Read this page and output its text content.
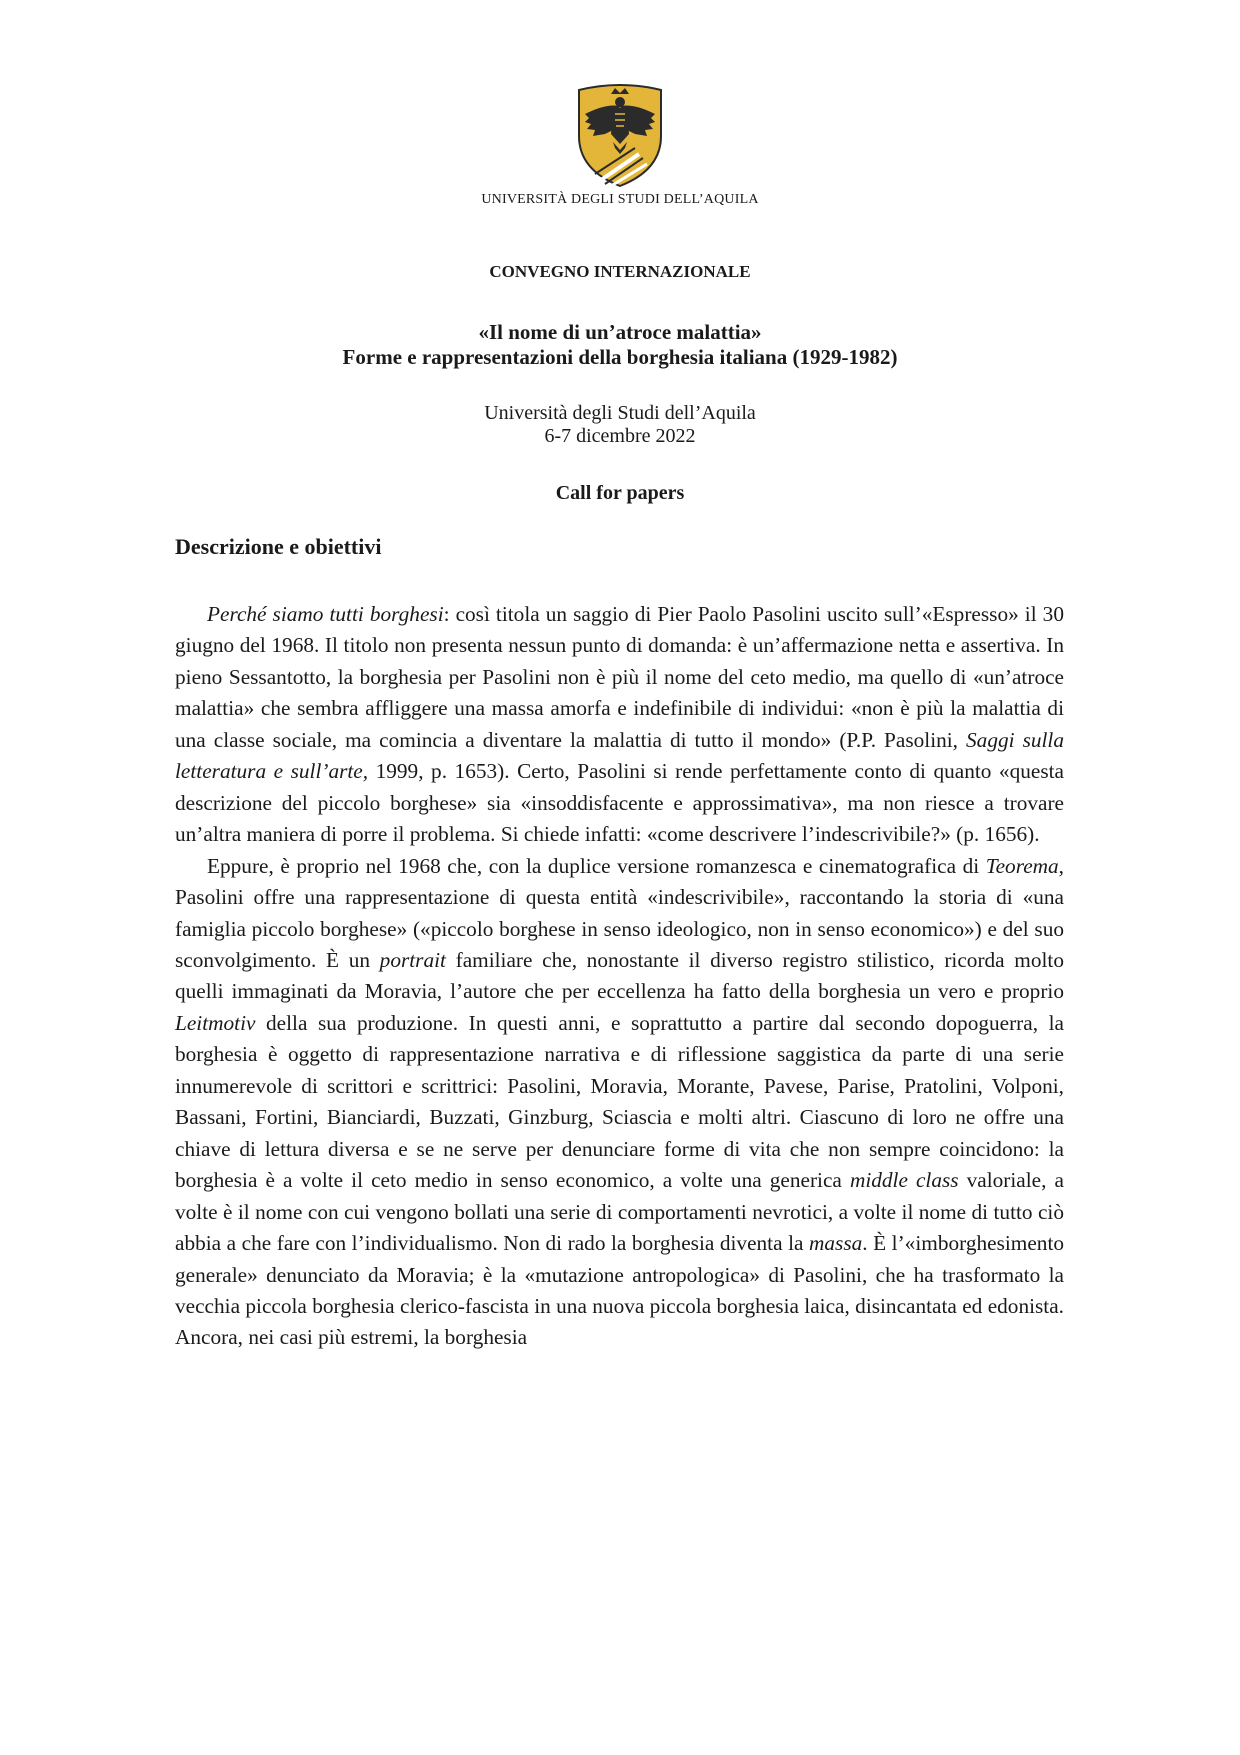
UNIVERSITÀ DEGLI STUDI DELL’AQUILA
CONVEGNO INTERNAZIONALE
«Il nome di un’atroce malattia»
Forme e rappresentazioni della borghesia italiana (1929-1982)
Università degli Studi dell’Aquila
6-7 dicembre 2022
Call for papers
Descrizione e obiettivi

Perché siamo tutti borghesi: così titola un saggio di Pier Paolo Pasolini uscito sull’«Espresso» il 30 giugno del 1968. Il titolo non presenta nessun punto di domanda: è un’affermazione netta e assertiva. In pieno Sessantotto, la borghesia per Pasolini non è più il nome del ceto medio, ma quello di «un’atroce malattia» che sembra affliggere una massa amorfa e indefinibile di individui: «non è più la malattia di una classe sociale, ma comincia a diventare la malattia di tutto il mondo» (P.P. Pasolini, Saggi sulla letteratura e sull’arte, 1999, p. 1653). Certo, Pasolini si rende perfettamente conto di quanto «questa descrizione del piccolo borghese» sia «insoddisfacente e approssimativa», ma non riesce a trovare un’altra maniera di porre il problema. Si chiede infatti: «come descrivere l’indescrivibile?» (p. 1656).

Eppure, è proprio nel 1968 che, con la duplice versione romanzesca e cinematografica di Teorema, Pasolini offre una rappresentazione di questa entità «indescrivibile», raccontando la storia di «una famiglia piccolo borghese» («piccolo borghese in senso ideologico, non in senso economico») e del suo sconvolgimento. È un portrait familiare che, nonostante il diverso registro stilistico, ricorda molto quelli immaginati da Moravia, l’autore che per eccellenza ha fatto della borghesia un vero e proprio Leitmotiv della sua produzione. In questi anni, e soprattutto a partire dal secondo dopoguerra, la borghesia è oggetto di rappresentazione narrativa e di riflessione saggistica da parte di una serie innumerevole di scrittori e scrittrici: Pasolini, Moravia, Morante, Pavese, Parise, Pratolini, Volponi, Bassani, Fortini, Bianciardi, Buzzati, Ginzburg, Sciascia e molti altri. Ciascuno di loro ne offre una chiave di lettura diversa e se ne serve per denunciare forme di vita che non sempre coincidono: la borghesia è a volte il ceto medio in senso economico, a volte una generica middle class valoriale, a volte è il nome con cui vengono bollati una serie di comportamenti nevrotici, a volte il nome di tutto ciò abbia a che fare con l’individualismo. Non di rado la borghesia diventa la massa. È l’«imborghesimento generale» denunciato da Moravia; è la «mutazione antropologica» di Pasolini, che ha trasformato la vecchia piccola borghesia clerico-fascista in una nuova piccola borghesia laica, disincantata ed edonista. Ancora, nei casi più estremi, la borghesia
